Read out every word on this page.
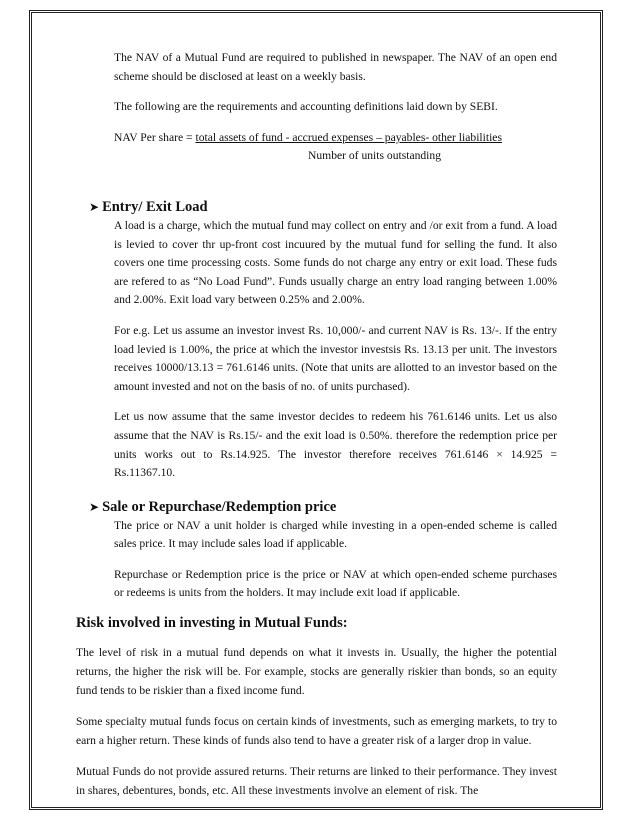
The NAV of a Mutual Fund are required to published in newspaper. The NAV of an open end scheme should be disclosed at least on a weekly basis.

The following are the requirements and accounting definitions laid down by SEBI.

NAV Per share = total assets of fund - accrued expenses – payables- other liabilities
Number of units outstanding
➤ Entry/ Exit Load

A load is a charge, which the mutual fund may collect on entry and /or exit from a fund. A load is levied to cover thr up-front cost incuured by the mutual fund for selling the fund. It also covers one time processing costs. Some funds do not charge any entry or exit load. These fuds are refered to as “No Load Fund”. Funds usually charge an entry load ranging between 1.00% and 2.00%. Exit load vary between 0.25% and 2.00%.

For e.g. Let us assume an investor invest Rs. 10,000/- and current NAV is Rs. 13/-. If the entry load levied is 1.00%, the price at which the investor investsis Rs. 13.13 per unit. The investors receives 10000/13.13 = 761.6146 units. (Note that units are allotted to an investor based on the amount invested and not on the basis of no. of units purchased).

Let us now assume that the same investor decides to redeem his 761.6146 units. Let us also assume that the NAV is Rs.15/- and the exit load is 0.50%. therefore the redemption price per units works out to Rs.14.925. The investor therefore receives 761.6146 × 14.925 = Rs.11367.10.

➤ Sale or Repurchase/Redemption price

The price or NAV a unit holder is charged while investing in a open-ended scheme is called sales price. It may include sales load if applicable.

Repurchase or Redemption price is the price or NAV at which open-ended scheme purchases or redeems is units from the holders. It may include exit load if applicable.

Risk involved in investing in Mutual Funds:

The level of risk in a mutual fund depends on what it invests in. Usually, the higher the potential returns, the higher the risk will be. For example, stocks are generally riskier than bonds, so an equity fund tends to be riskier than a fixed income fund.

Some specialty mutual funds focus on certain kinds of investments, such as emerging markets, to try to earn a higher return. These kinds of funds also tend to have a greater risk of a larger drop in value.

Mutual Funds do not provide assured returns. Their returns are linked to their performance. They invest in shares, debentures, bonds, etc. All these investments involve an element of risk. The
